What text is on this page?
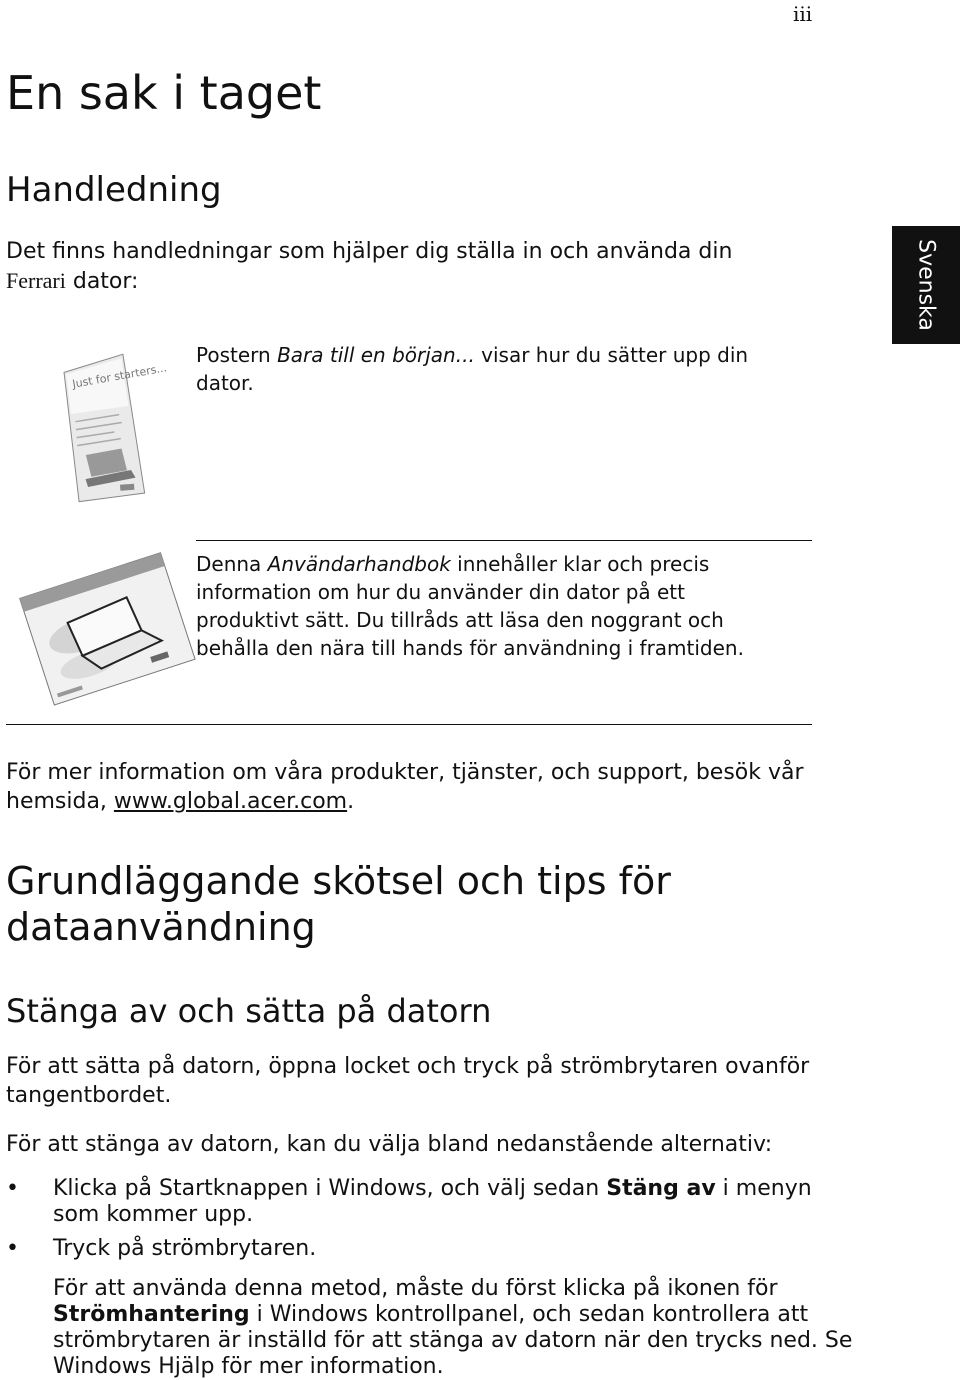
iii
Svenska
En sak i taget
Handledning
Det finns handledningar som hjälper dig ställa in och använda din
Ferrari dator:
Just for starters...
Postern Bara till en början... visar hur du sätter upp din dator.
Denna Användarhandbok innehåller klar och precis information om hur du använder din dator på ett produktivt sätt. Du tillråds att läsa den noggrant och behålla den nära till hands för användning i framtiden.
För mer information om våra produkter, tjänster, och support, besök vår hemsida, www.global.acer.com.
Grundläggande skötsel och tips för dataanvändning
Stänga av och sätta på datorn
För att sätta på datorn, öppna locket och tryck på strömbrytaren ovanför tangentbordet.
För att stänga av datorn, kan du välja bland nedanstående alternativ:
•	Klicka på Startknappen i Windows, och välj sedan Stäng av i menyn som kommer upp.
•	Tryck på strömbrytaren.
För att använda denna metod, måste du först klicka på ikonen för Strömhantering i Windows kontrollpanel, och sedan kontrollera att strömbrytaren är inställd för att stänga av datorn när den trycks ned. Se Windows Hjälp för mer information.
